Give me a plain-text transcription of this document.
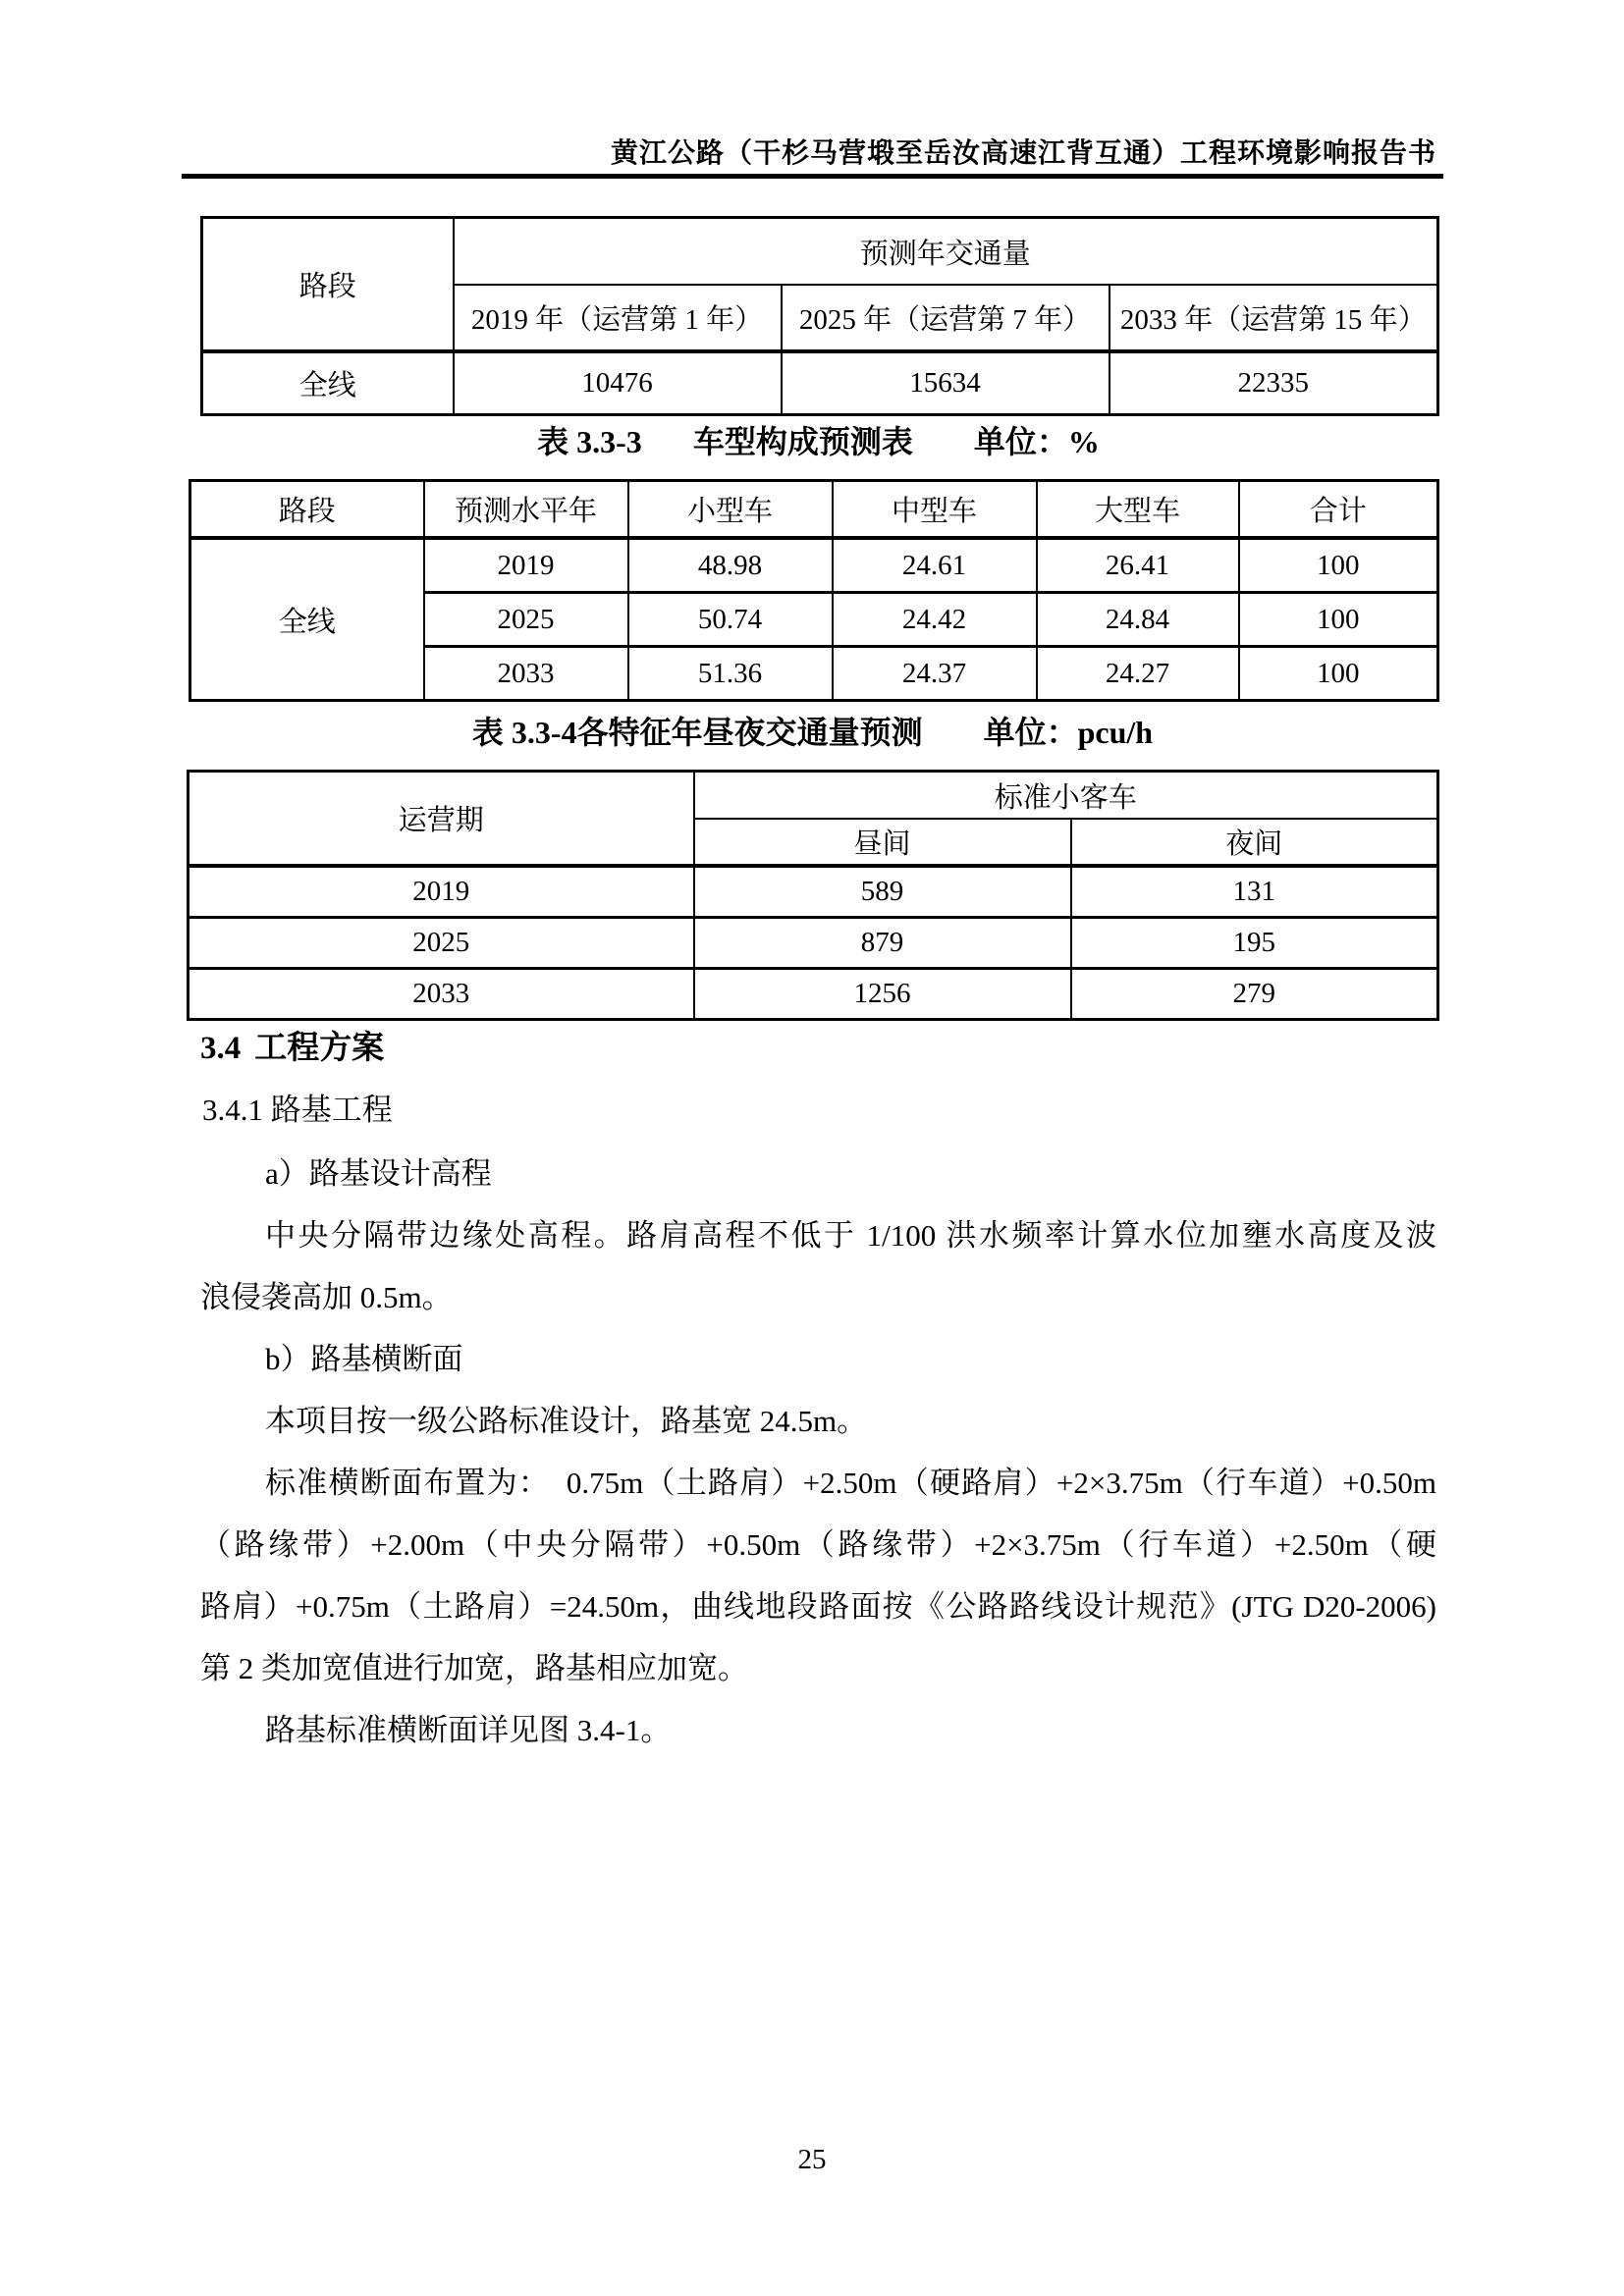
黄江公路（干杉马营塅至岳汝高速江背互通）工程环境影响报告书
路段	预测年交通量		
	2019 年（运营第 1 年）	2025 年（运营第 7 年）	2033 年（运营第 15 年）
全线	10476	15634	22335
表 3.3-3 车型构成预测表 单位：%
路段	预测水平年	小型车	中型车	大型车	合计
全线	2019	48.98	24.61	26.41	100
	2025	50.74	24.42	24.84	100
	2033	51.36	24.37	24.27	100
表 3.3-4各特征年昼夜交通量预测 单位：pcu/h
运营期	标准小客车	
	昼间	夜间
2019	589	131
2025	879	195
2033	1256	279
3.4 工程方案
3.4.1 路基工程
a）路基设计高程
中央分隔带边缘处高程。路肩高程不低于 1/100 洪水频率计算水位加壅水高度及波
浪侵袭高加 0.5m。
b）路基横断面
本项目按一级公路标准设计，路基宽 24.5m。
标准横断面布置为：　0.75m（土路肩）+2.50m（硬路肩）+2×3.75m（行车道）+0.50m
（路缘带）+2.00m（中央分隔带）+0.50m（路缘带）+2×3.75m（行车道）+2.50m（硬
路肩）+0.75m（土路肩）=24.50m，曲线地段路面按《公路路线设计规范》(JTG D20-2006)
第 2 类加宽值进行加宽，路基相应加宽。
路基标准横断面详见图 3.4-1。
25
